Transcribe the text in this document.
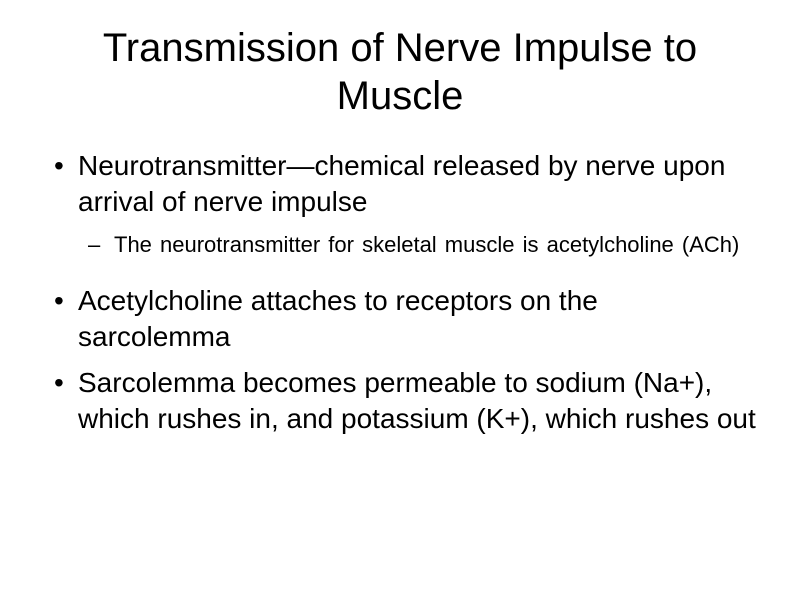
Transmission of Nerve Impulse to Muscle
• Neurotransmitter—chemical released by nerve upon arrival of nerve impulse
– The neurotransmitter for skeletal muscle is acetylcholine (ACh)
• Acetylcholine attaches to receptors on the sarcolemma
• Sarcolemma becomes permeable to sodium (Na+), which rushes in, and potassium (K+), which rushes out
